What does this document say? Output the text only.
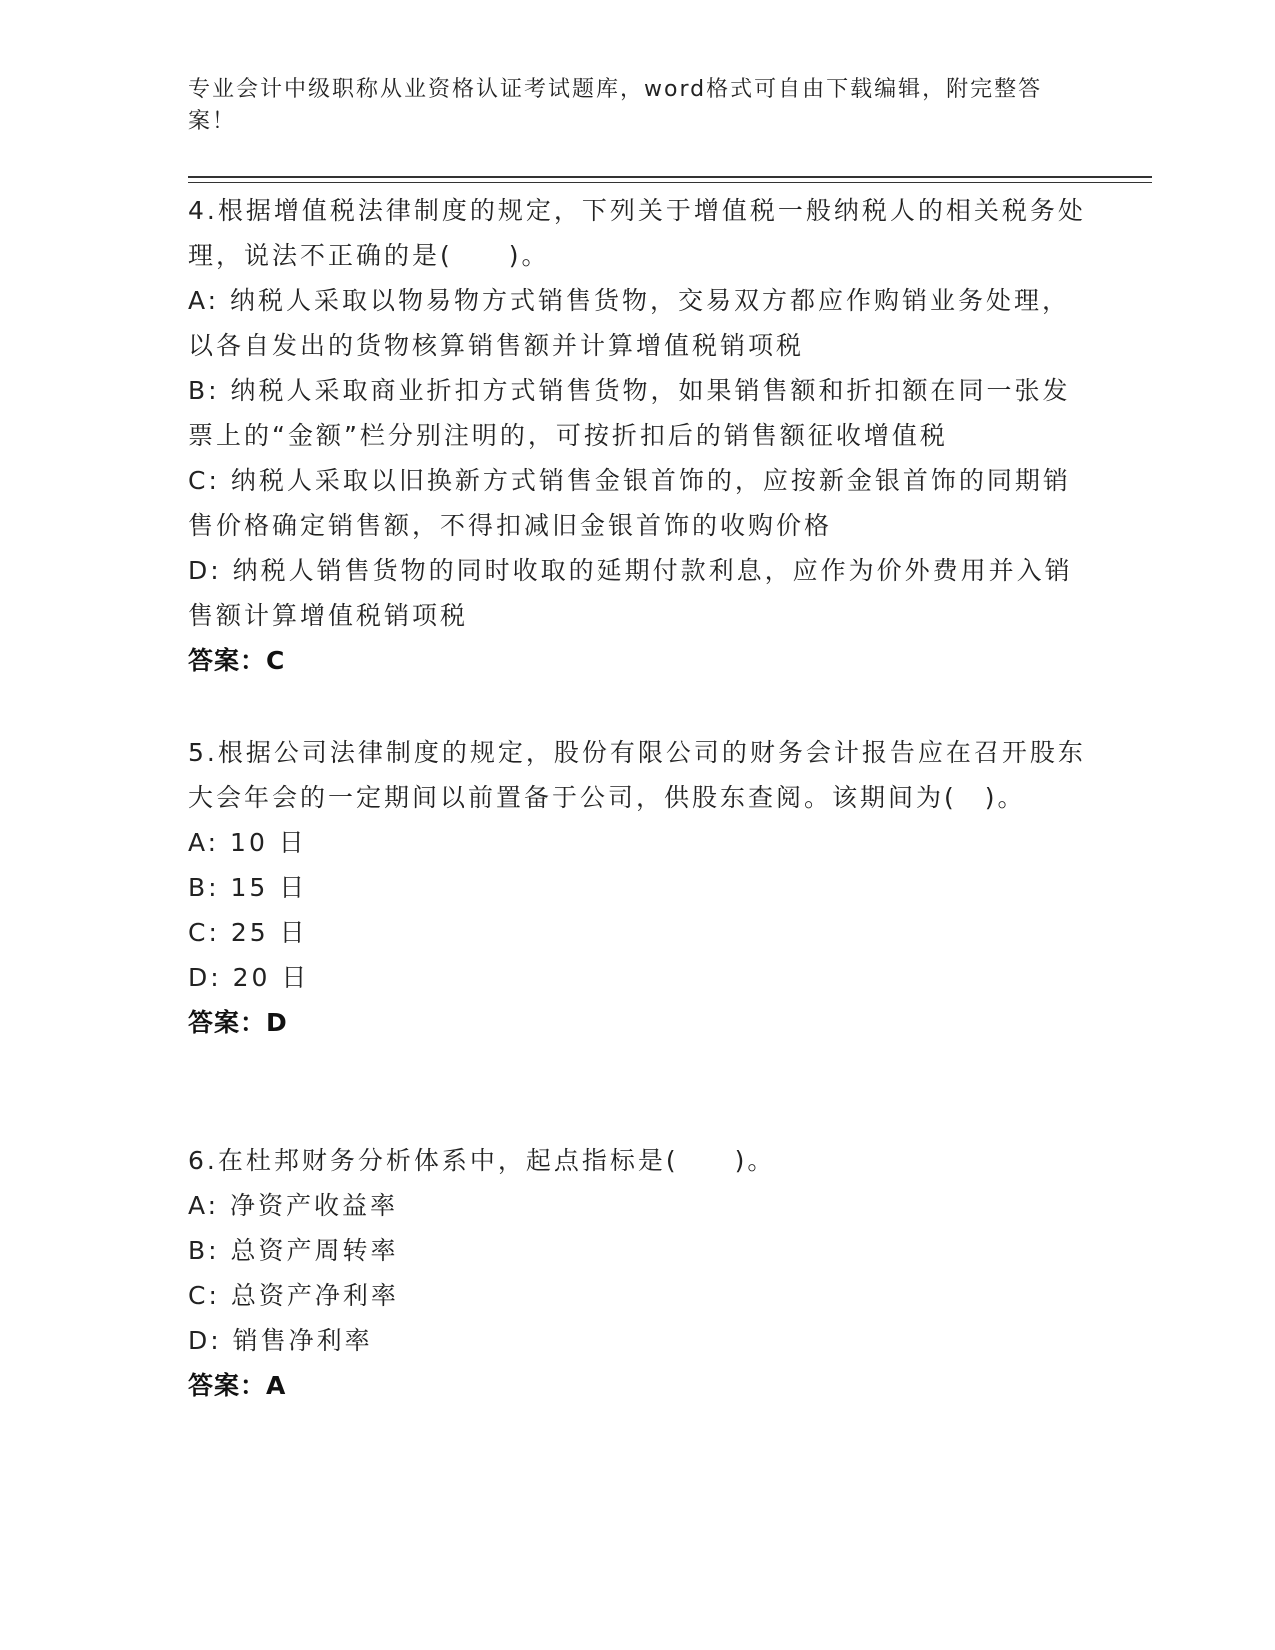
专业会计中级职称从业资格认证考试题库，word格式可自由下载编辑，附完整答案！

4.根据增值税法律制度的规定，下列关于增值税一般纳税人的相关税务处理，说法不正确的是(　　)。

A: 纳税人采取以物易物方式销售货物，交易双方都应作购销业务处理，以各自发出的货物核算销售额并计算增值税销项税

B: 纳税人采取商业折扣方式销售货物，如果销售额和折扣额在同一张发票上的“金额”栏分别注明的，可按折扣后的销售额征收增值税

C: 纳税人采取以旧换新方式销售金银首饰的，应按新金银首饰的同期销售价格确定销售额，不得扣减旧金银首饰的收购价格

D: 纳税人销售货物的同时收取的延期付款利息，应作为价外费用并入销售额计算增值税销项税

答案：C

5.根据公司法律制度的规定，股份有限公司的财务会计报告应在召开股东大会年会的一定期间以前置备于公司，供股东查阅。该期间为(　)。

A: 10 日

B: 15 日

C: 25 日

D: 20 日

答案：D

6.在杜邦财务分析体系中，起点指标是(　　)。

A: 净资产收益率

B: 总资产周转率

C: 总资产净利率

D: 销售净利率

答案：A
